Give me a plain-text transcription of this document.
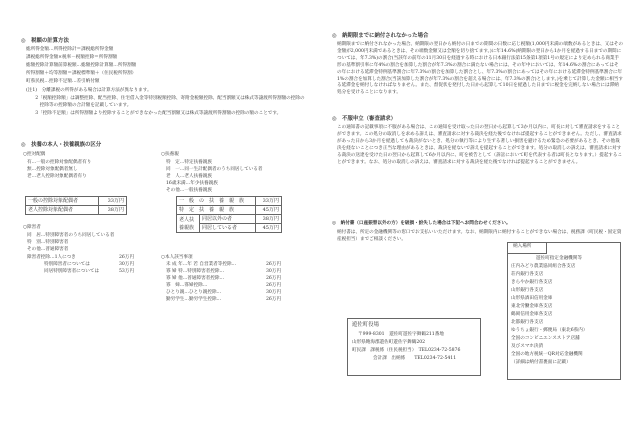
◎　税額の計算方法
総所得金額…所得控除計＝課税総所得金額
課税総所得金額×税率－税額控除＝所得割額
総額控除計算額前算税額…総額控除計算額…所得割額
所得割額＋均等割額＝課税標準額＋（住民税所得割）
町県民税…控除不足額…差引納付額
(注1)　分離課税の所得がある場合は計算方法が異なります。
　　2「税額控除額」は調整控除、配当控除、住宅借入金等特別税額控除、寄附金税額控除、配当割額又は株式等譲渡所得割額の控除の
　　　控除等の控除額の合計額を記載しています。
　　3「控除不足額」は所得割額より控除することができなかった配当割額又は株式等譲渡所得割額の控除の額のことです。
◎　扶養の本人・扶養親族の区分
○控対配偶
有…一般の控除対象配偶者有り
無…控除対象配偶者無し
老…老人控除対象配偶者有り
一般の控除対象配偶者	33万円
老人控除対象配偶者	38万円
○障害者
同　居…特別障害者のうち同居している者
特　別…特別障害者
その他…普通障害者
障害者控除…1人につき	26万円
特別障害者については	30万円
同居特別障害者については	53万円
○扶養親
特　定…特定扶養親族
同　一…同一生計配偶者のうち同居している者
老　人…老人扶養親族
16歳未満…年少扶養親族
その他…一般扶養親族
一　般　の　扶　養　親　族		33万円
特　定　扶　養　親　族		45万円
老人扶養親族	同居以外の者	38万円
	同居している者	45万円
○本人該当事項
未 成 年…年 若 自営業者等控除…	26万円
寡 婦 特…特別障害者控除…	30万円
寡 婦 他…普通障害者控除…	26万円
寡　婦…寡婦控除…	26万円
ひとり親…ひとり親控除…	30万円
勤労学生…勤労学生控除…	26万円
◎　納期限までに納付されなかった場合
納期限までに納付されなかった場合、納期限の翌日から納付の日までの期間の日数に応じ税額(1,000円未満の端数があるときは、又はその金額が2,000円未満であるときは、その端数金額又は全額を切り捨てます。)に年14.6%(納期限の翌日から1か月を経過する日までの期間については、年7.3%)の割合(当該年の前年の11月30日を経過する時における日本銀行法第15条第1項第1号の規定により定められる商業手形の基準割引率に年4%の割合を加算した割合が年7.3%の割合に満たない場合には、その年中においては、年14.6%の割合にあってはその年における延滞金特例基準割合に年7.3%の割合を加算した割合とし、年7.3%の割合にあってはその年における延滞金特例基準割合に年1%の割合を加算した割合(当該加算した割合が年7.3%の割合を超える場合には、年7.3%の割合)とします。)を乗じて計算した金額に相当する延滞金を納付しなければなりません。また、督促状を発付した日から起算して10日を経過した日までに税金を完納しない場合には滞納処分を受けることになります。
◎　不服申立（審査請求）
この通知書の記載事項に不服がある場合は、この通知を受け取った日の翌日から起算して3か月以内に、町長に対して審査請求をすることができます。この処分の取消しを求める訴えは、審査請求に対する裁決を経た後でなければ提起することができません。ただし、審査請求があった日から3か月を経過しても裁決がないとき、処分の執行等により生ずる著しい損害を避けるため緊急の必要があるとき、その他裁決を経ないことにつき正当な理由があるときは、裁決を経ないで訴えを提起することができます。処分の取消しの訴えは、審査請求に対する裁決の送達を受けた日の翌日から起算して6か月以内に、町を被告として（訴訟において町を代表する者は町長となります。）提起することができます。なお、処分の取消しの訴えは、審査請求に対する裁決を経た後でなければ提起することができません。
◎　納付書（口座振替以外の方）を破損・紛失した場合は下記へお問合わせください。
納付書は、所定の金融機関等の窓口でお支払いいただけます。なお、納期限内に納付することができない場合は、税務課（町民税・固定資産税担当）までご相談ください。
遊佐町役場
〒999-8301　遊佐町遊佐字舞鶴211番地
山形県飽海郡遊佐町遊佐字舞鶴202
町民課　課税係（住民税担当）　TEL0234-72-5876
会計課　出納係　　TEL0234-72-5411
納入場所
遊佐町指定金融機関等
庄内みどり農業協同組合各支店
荘内銀行各支店
きらやか銀行各支店
山形銀行各支店
山形県酒田信用金庫
東北労働金庫各支店
鶴岡信用金庫各支店
北都銀行各支店
ゆうちょ銀行・郵便局（東北6県内）
全国のコンビニエンスストア店舗
及びスマホ決済
全国の地方税統一QR対応金融機関
（詳細は納付書裏面に記載）
